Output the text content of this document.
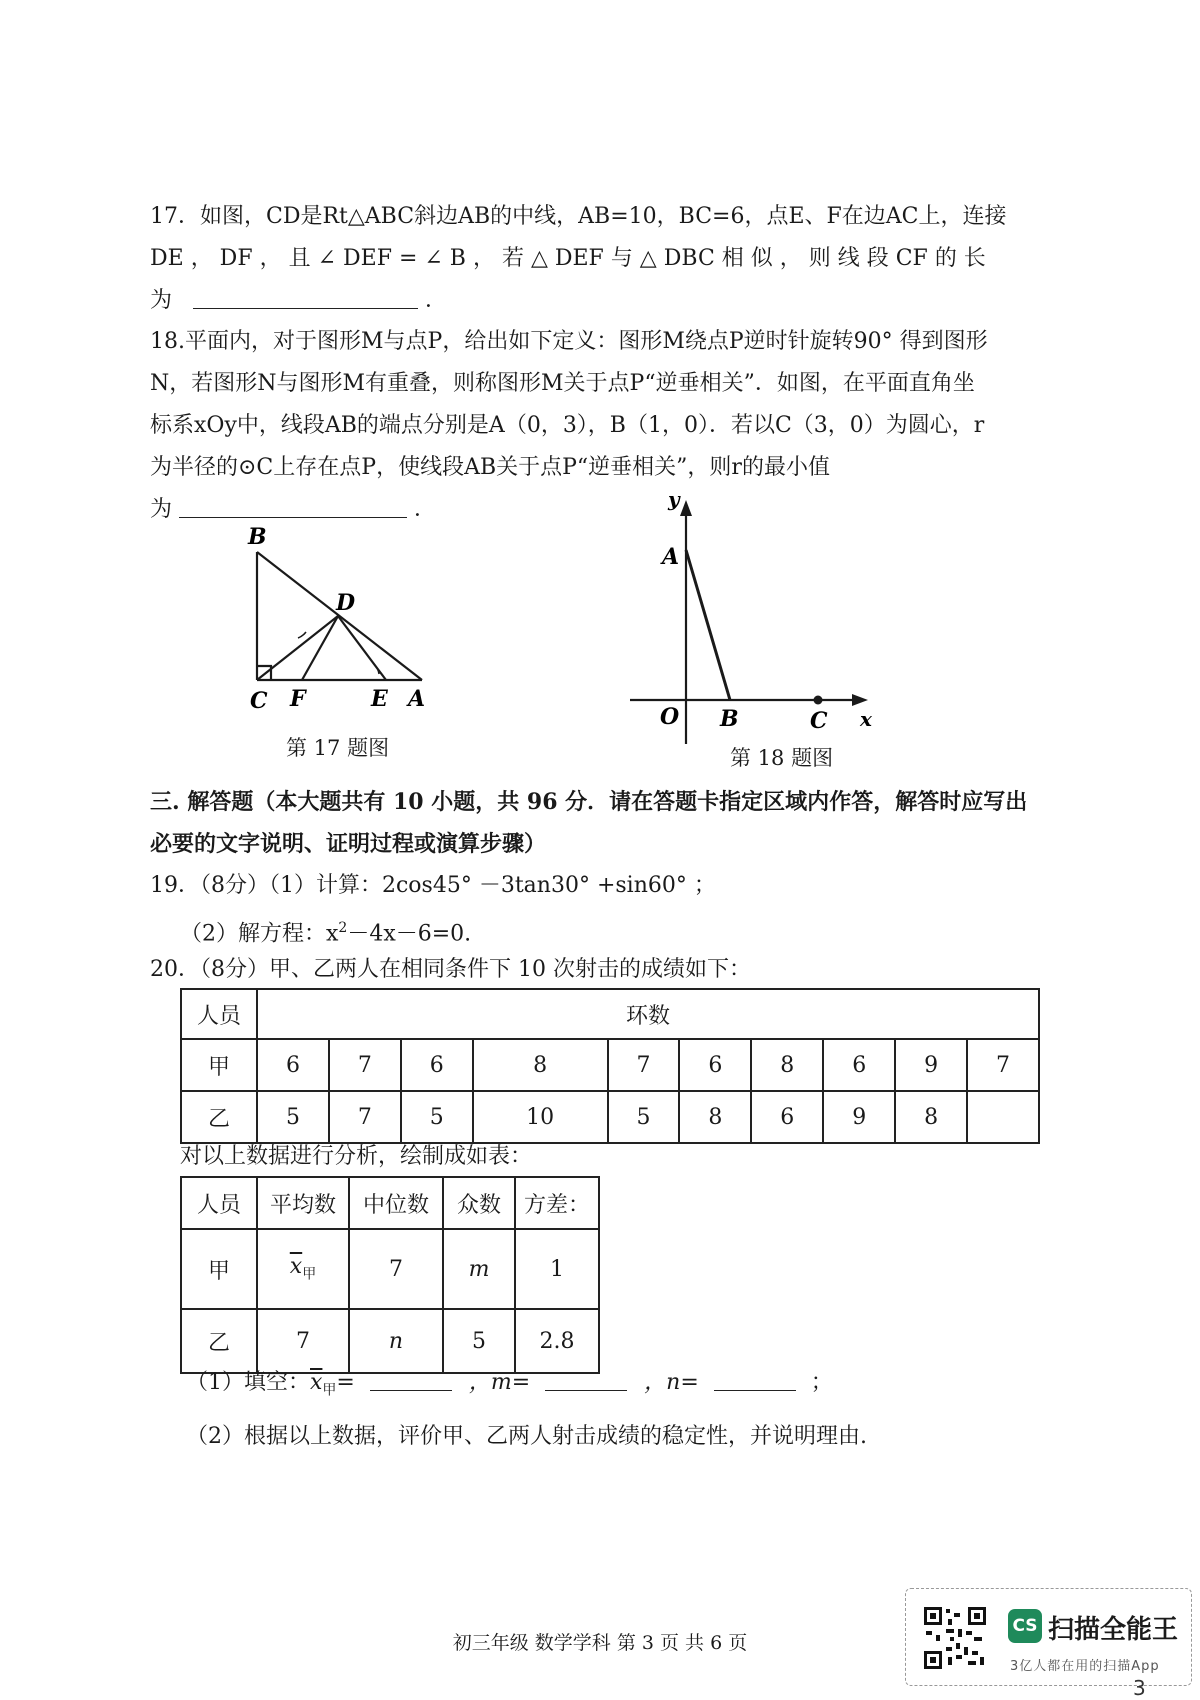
17．如图，CD是Rt△ABC斜边AB的中线，AB=10，BC=6，点E、F在边AC上，连接
DE ， DF ， 且 ∠ DEF = ∠ B ， 若 △ DEF 与 △ DBC 相 似 ， 则 线 段 CF 的 长
为	．
18.平面内，对于图形M与点P，给出如下定义：图形M绕点P逆时针旋转90° 得到图形
N，若图形N与图形M有重叠，则称图形M关于点P“逆垂相关”．如图，在平面直角坐
标系xOy中，线段AB的端点分别是A（0，3），B（1，0）．若以C（3，0）为圆心，r
为半径的⊙C上存在点P，使线段AB关于点P“逆垂相关”，则r的最小值
为	．
B
D
C F	E A
第 17 题图
y
A
O B	C x
第 18 题图
三. 解答题（本大题共有 10 小题，共 96 分．请在答题卡指定区域内作答，解答时应写出
必要的文字说明、证明过程或演算步骤）
19．（8分）（1）计算：2cos45° －3tan30° +sin60° ；
（2）解方程：$x^2-4x-6=0$.
20．（8分）甲、乙两人在相同条件下 10 次射击的成绩如下：
人员	环数									
甲	6	7	6	8	7	6	8	6	9	7
乙	5	7	5	10	5	8	6	9	8	
对以上数据进行分析，绘制成如表：
人员	平均数	中位数	众数	方差：
甲	$\overline{x}_甲$	7	m	1
乙	7	n	5	2.8
（1）填空：$\overline{x}_甲=$	，m=	，n=	；
（2）根据以上数据，评价甲、乙两人射击成绩的稳定性，并说明理由.
初三年级 数学学科 第 3 页 共 6 页
CS 扫描全能王
3亿人都在用的扫描App
3
